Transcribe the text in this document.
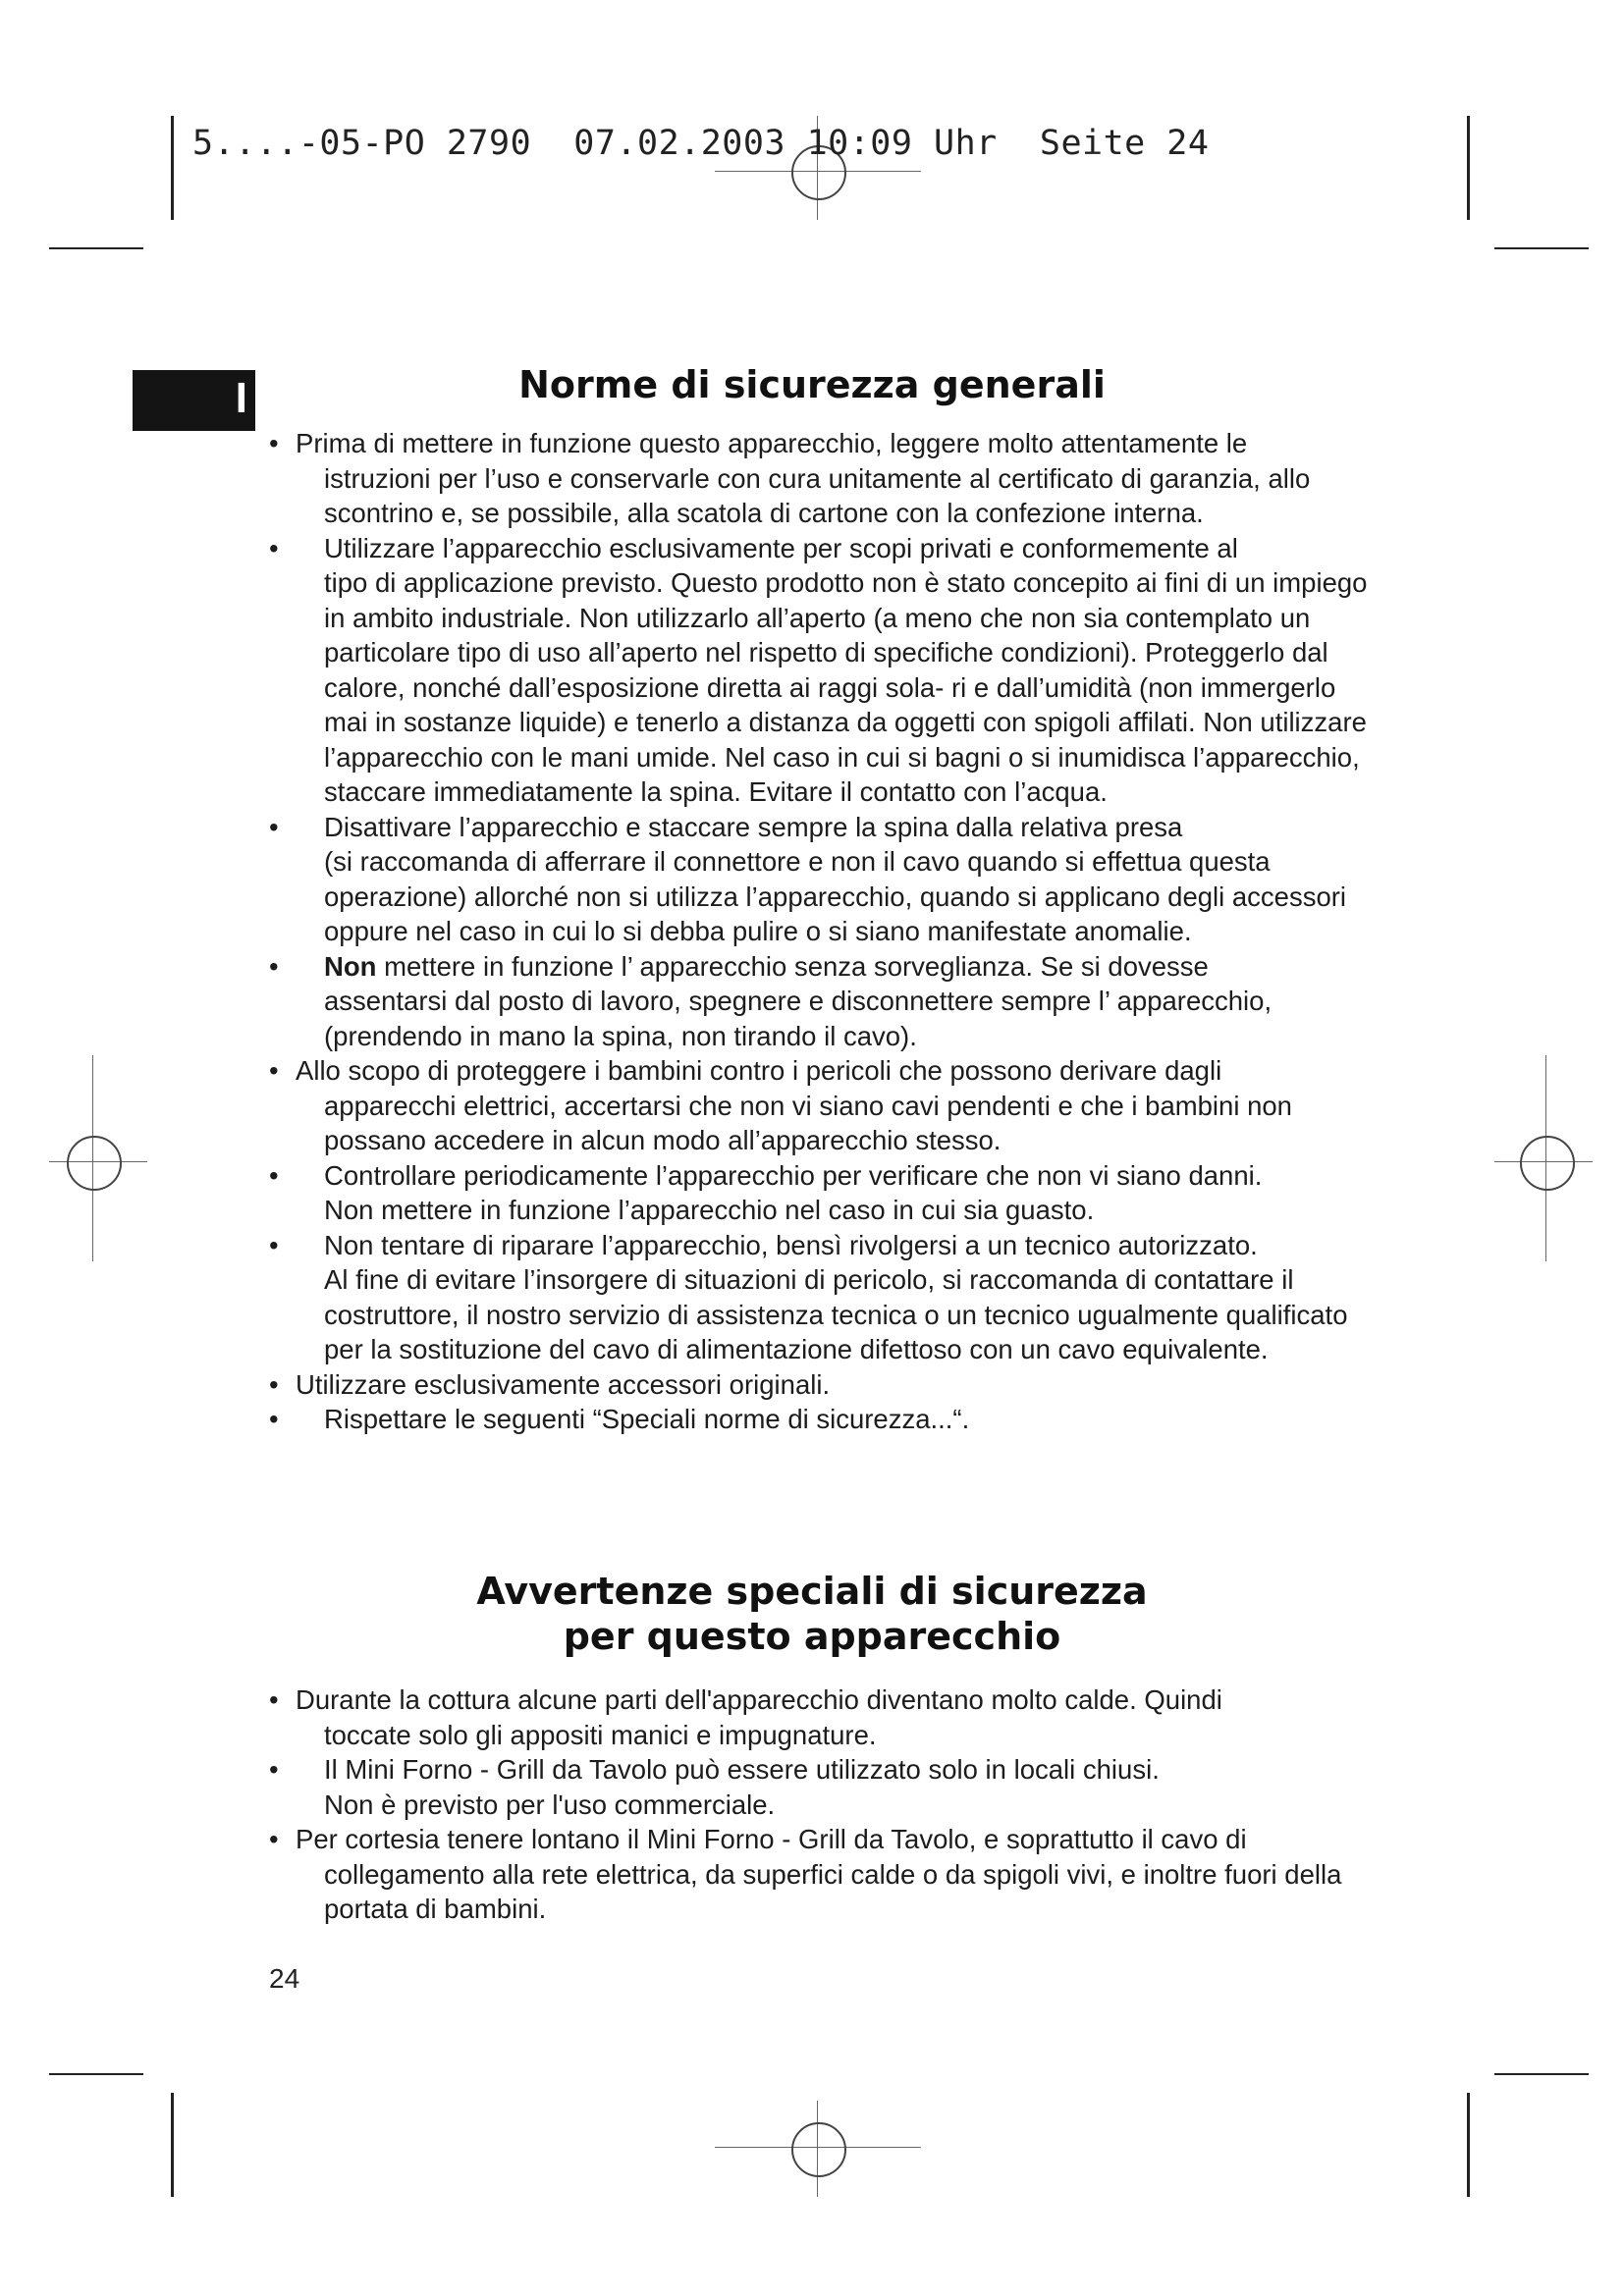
5....-05-PO 2790  07.02.2003 10:09 Uhr  Seite 24
I	Norme di sicurezza generali
• Prima di mettere in funzione questo apparecchio, leggere molto attentamente le
istruzioni per l’uso e conservarle con cura unitamente al certificato di garanzia, allo scontrino e, se possibile, alla scatola di cartone con la confezione interna.
• Utilizzare l’apparecchio esclusivamente per scopi privati e conformemente al
tipo di applicazione previsto. Questo prodotto non è stato concepito ai fini di un impiego in ambito industriale. Non utilizzarlo all’aperto (a meno che non sia contemplato un particolare tipo di uso all’aperto nel rispetto di specifiche condizioni). Proteggerlo dal calore, nonché dall’esposizione diretta ai raggi sola- ri e dall’umidità (non immergerlo mai in sostanze liquide) e tenerlo a distanza da oggetti con spigoli affilati. Non utilizzare l’apparecchio con le mani umide. Nel caso in cui si bagni o si inumidisca l’apparecchio, staccare immediatamente la spina. Evitare il contatto con l’acqua.
• Disattivare l’apparecchio e staccare sempre la spina dalla relativa presa
(si raccomanda di afferrare il connettore e non il cavo quando si effettua questa operazione) allorché non si utilizza l’apparecchio, quando si applicano degli accessori oppure nel caso in cui lo si debba pulire o si siano manifestate anomalie.
• Non mettere in funzione l’ apparecchio senza sorveglianza. Se si dovesse
assentarsi dal posto di lavoro, spegnere e disconnettere sempre l’ apparecchio, (prendendo in mano la spina, non tirando il cavo).
• Allo scopo di proteggere i bambini contro i pericoli che possono derivare dagli
apparecchi elettrici, accertarsi che non vi siano cavi pendenti e che i bambini non possano accedere in alcun modo all’apparecchio stesso.
• Controllare periodicamente l’apparecchio per verificare che non vi siano danni.
Non mettere in funzione l’apparecchio nel caso in cui sia guasto.
• Non tentare di riparare l’apparecchio, bensì rivolgersi a un tecnico autorizzato.
Al fine di evitare l’insorgere di situazioni di pericolo, si raccomanda di contattare il costruttore, il nostro servizio di assistenza tecnica o un tecnico ugualmente qualificato per la sostituzione del cavo di alimentazione difettoso con un cavo equivalente.
• Utilizzare esclusivamente accessori originali.
• Rispettare le seguenti “Speciali norme di sicurezza...“.
Avvertenze speciali di sicurezza
per questo apparecchio
• Durante la cottura alcune parti dell'apparecchio diventano molto calde. Quindi
toccate solo gli appositi manici e impugnature.
• Il Mini Forno - Grill da Tavolo può essere utilizzato solo in locali chiusi.
Non è previsto per l'uso commerciale.
• Per cortesia tenere lontano il Mini Forno - Grill da Tavolo, e soprattutto il cavo di
collegamento alla rete elettrica, da superfici calde o da spigoli vivi, e inoltre fuori della portata di bambini.
24
